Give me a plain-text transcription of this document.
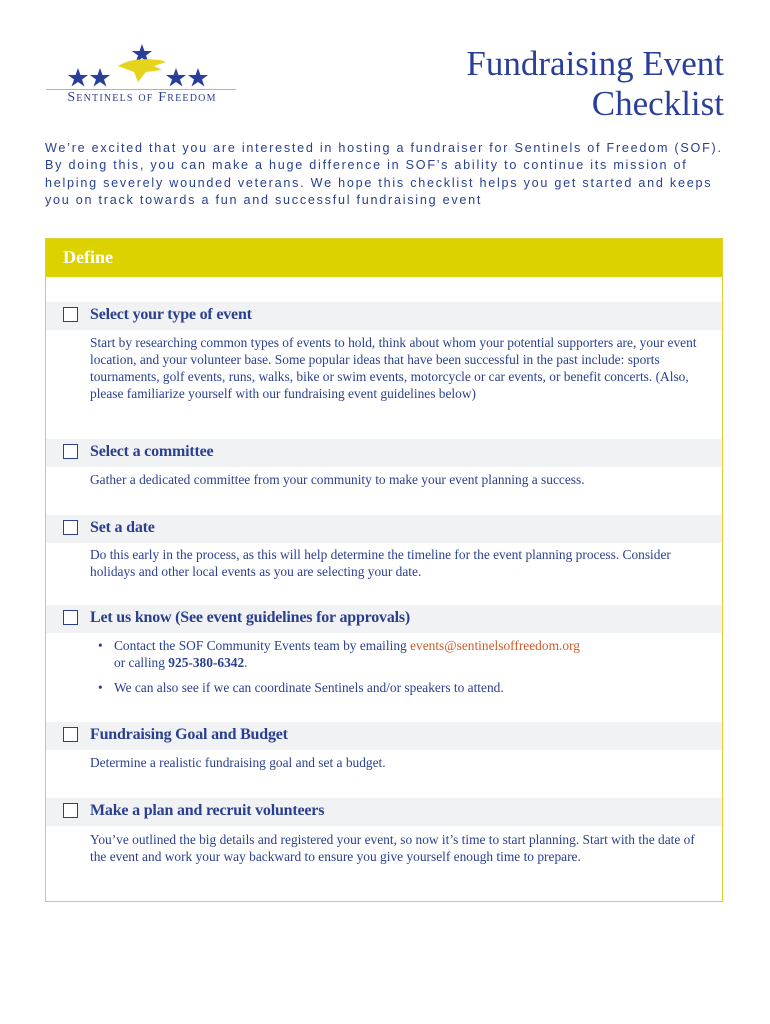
Sentinels of Freedom
Fundraising Event
Checklist
We’re excited that you are interested in hosting a fundraiser for Sentinels of Freedom (SOF). By doing this, you can make a huge difference in SOF’s ability to continue its mission of helping severely wounded veterans. We hope this checklist helps you get started and keeps you on track towards a fun and successful fundraising event
Define
Select your type of event
Start by researching common types of events to hold, think about whom your potential supporters are, your event location, and your volunteer base. Some popular ideas that have been successful in the past include: sports tournaments, golf events, runs, walks, bike or swim events, motorcycle or car events, or benefit concerts. (Also, please familiarize yourself with our fundraising event guidelines below)
Select a committee
Gather a dedicated committee from your community to make your event planning a success.
Set a date
Do this early in the process, as this will help determine the timeline for the event planning process. Consider holidays and other local events as you are selecting your date.
Let us know (See event guidelines for approvals)
• Contact the SOF Community Events team by emailing events@sentinelsoffreedom.org
or calling 925-380-6342.
• We can also see if we can coordinate Sentinels and/or speakers to attend.
Fundraising Goal and Budget
Determine a realistic fundraising goal and set a budget.
Make a plan and recruit volunteers
You’ve outlined the big details and registered your event, so now it’s time to start planning. Start with the date of the event and work your way backward to ensure you give yourself enough time to prepare.
